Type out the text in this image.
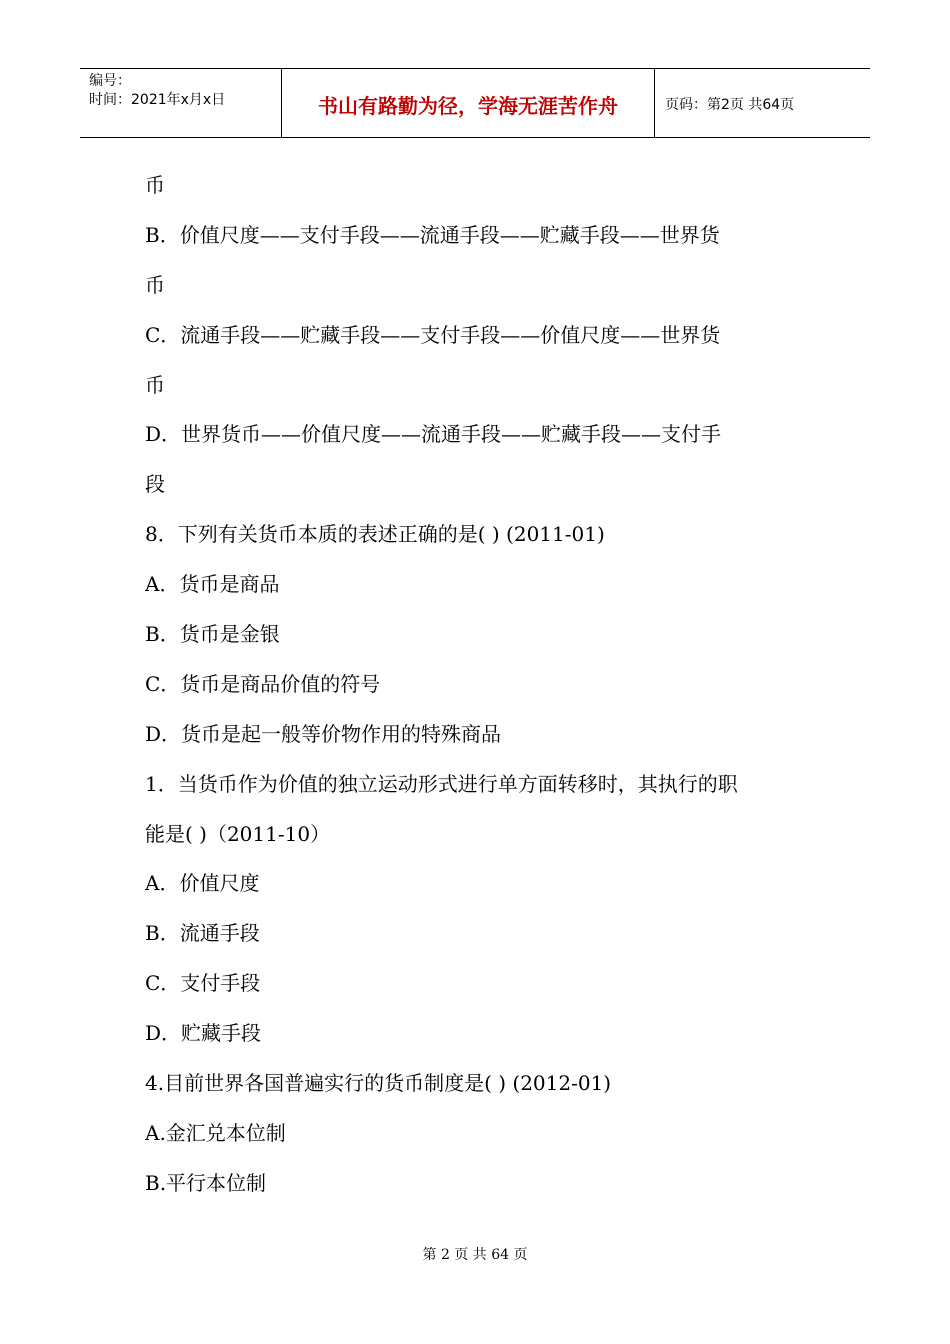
编号：
时间：2021年x月x日	书山有路勤为径，学海无涯苦作舟	页码：第2页 共64页
币
B．价值尺度——支付手段——流通手段——贮藏手段——世界货
币
C．流通手段——贮藏手段——支付手段——价值尺度——世界货
币
D．世界货币——价值尺度——流通手段——贮藏手段——支付手
段
8．下列有关货币本质的表述正确的是( ) (2011-01)
A．货币是商品
B．货币是金银
C．货币是商品价值的符号
D．货币是起一般等价物作用的特殊商品
1．当货币作为价值的独立运动形式进行单方面转移时，其执行的职
能是( )（2011-10）
A．价值尺度
B．流通手段
C．支付手段
D．贮藏手段
4.目前世界各国普遍实行的货币制度是( ) (2012-01)
A.金汇兑本位制
B.平行本位制
第 2 页 共 64 页
